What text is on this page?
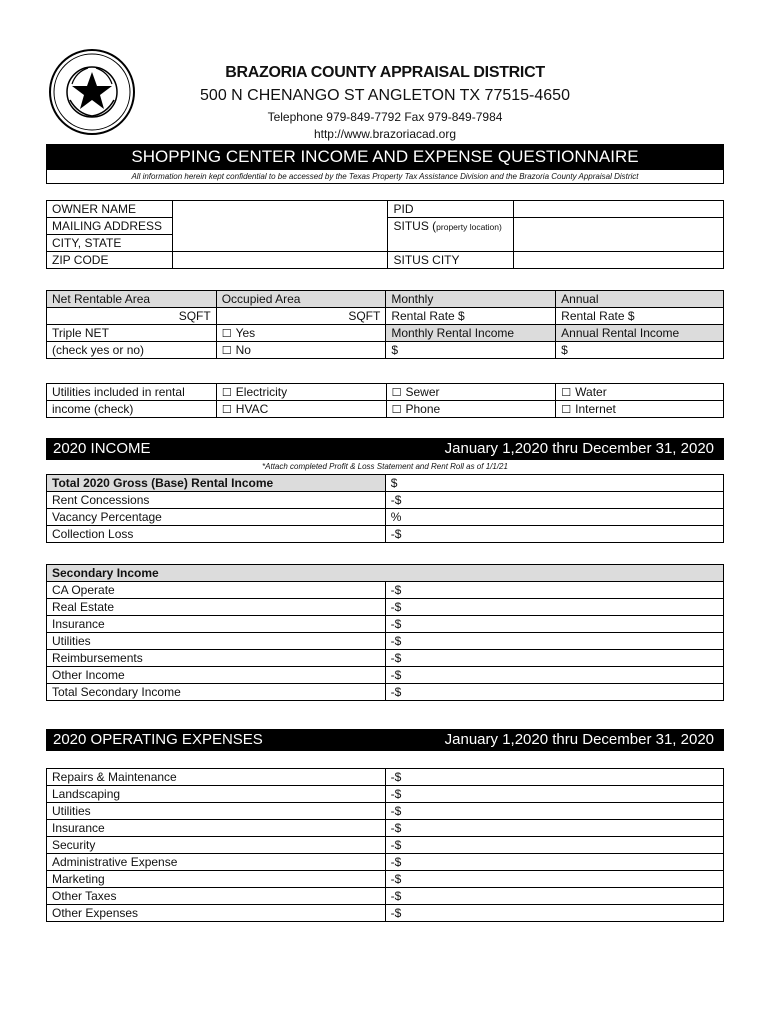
BRAZORIA COUNTY APPRAISAL DISTRICT
500 N CHENANGO ST ANGLETON TX 77515-4650
Telephone 979-849-7792 Fax 979-849-7984
http://www.brazoriacad.org
SHOPPING CENTER INCOME AND EXPENSE QUESTIONNAIRE
All information herein kept confidential to be accessed by the Texas Property Tax Assistance Division and the Brazoria County Appraisal District
OWNER NAME		PID	
MAILING ADDRESS		SITUS (property location)	
CITY, STATE			
ZIP CODE		SITUS CITY	
Net Rentable Area	Occupied Area	Monthly	Annual
SQFT	SQFT	Rental Rate $	Rental Rate $
Triple NET	☐ Yes	Monthly Rental Income	Annual Rental Income
(check yes or no)	☐ No	$	$
Utilities included in rental	☐ Electricity	☐ Sewer	☐ Water
income (check)	☐ HVAC	☐ Phone	☐ Internet
2020 INCOME	January 1,2020 thru December 31, 2020
*Attach completed Profit & Loss Statement and Rent Roll as of 1/1/21
Total 2020 Gross (Base) Rental Income	$
Rent Concessions	-$
Vacancy Percentage	%
Collection Loss	-$
Secondary Income	
CA Operate	-$
Real Estate	-$
Insurance	-$
Utilities	-$
Reimbursements	-$
Other Income	-$
Total Secondary Income	-$
2020 OPERATING EXPENSES	January 1,2020 thru December 31, 2020
Repairs & Maintenance	-$
Landscaping	-$
Utilities	-$
Insurance	-$
Security	-$
Administrative Expense	-$
Marketing	-$
Other Taxes	-$
Other Expenses	-$
